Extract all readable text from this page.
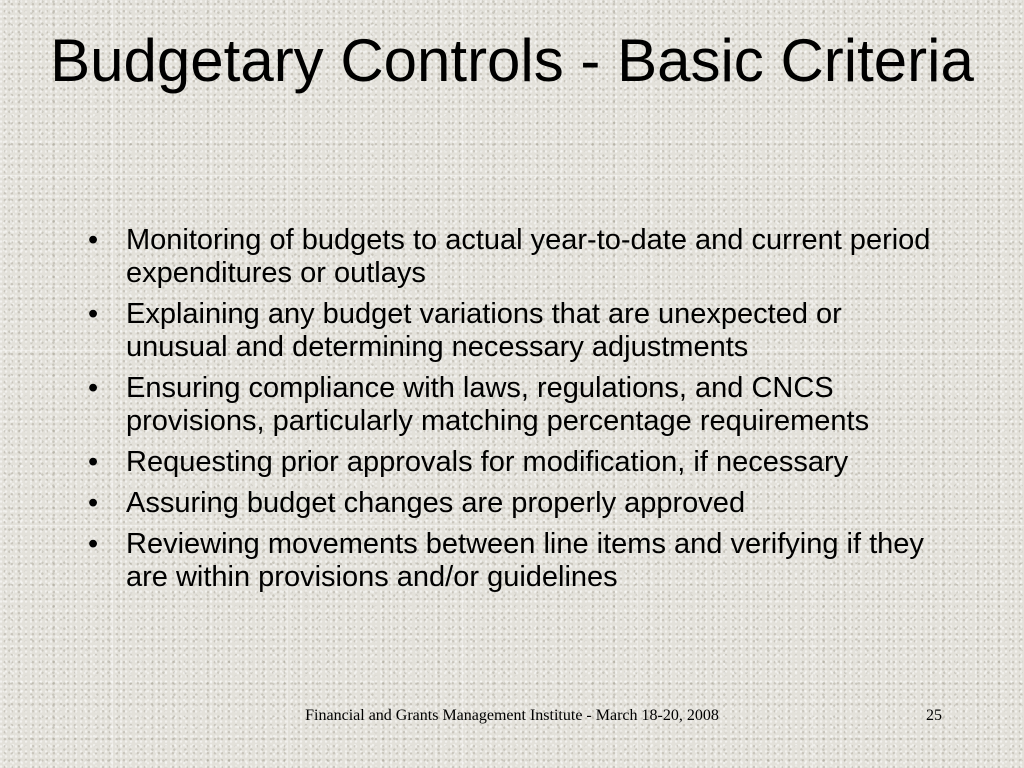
Budgetary Controls - Basic Criteria
• Monitoring of budgets to actual year-to-date and current period expenditures or outlays
• Explaining any budget variations that are unexpected or unusual and determining necessary adjustments
• Ensuring compliance with laws, regulations, and CNCS provisions, particularly matching percentage requirements
• Requesting prior approvals for modification, if necessary
• Assuring budget changes are properly approved
• Reviewing movements between line items and verifying if they are within provisions and/or guidelines
Financial and Grants Management Institute - March 18-20, 2008	25
